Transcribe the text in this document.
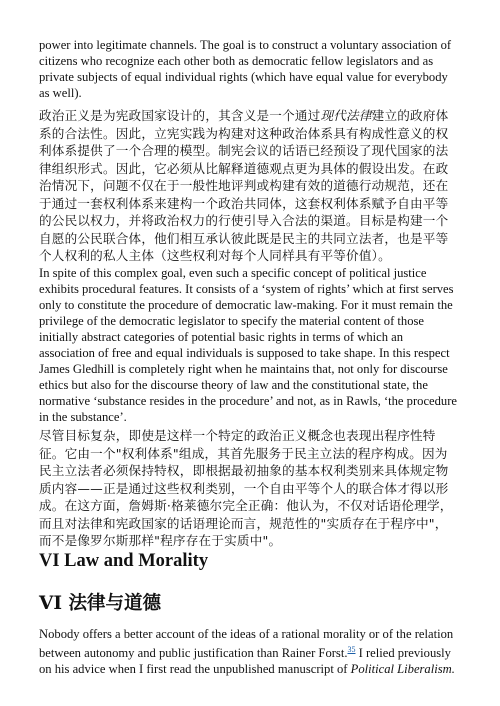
power into legitimate channels. The goal is to construct a voluntary association of citizens who recognize each other both as democratic fellow legislators and as private subjects of equal individual rights (which have equal value for everybody as well).

政治正义是为宪政国家设计的，其含义是一个通过现代法律建立的政府体系的合法性。因此，立宪实践为构建对这种政治体系具有构成性意义的权利体系提供了一个合理的模型。制宪会议的话语已经预设了现代国家的法律组织形式。因此，它必须从比解释道德观点更为具体的假设出发。在政治情况下，问题不仅在于一般性地评判或构建有效的道德行动规范，还在于通过一套权利体系来建构一个政治共同体，这套权利体系赋予自由平等的公民以权力，并将政治权力的行使引导入合法的渠道。目标是构建一个自愿的公民联合体，他们相互承认彼此既是民主的共同立法者，也是平等个人权利的私人主体（这些权利对每个人同样具有平等价值）。

In spite of this complex goal, even such a specific concept of political justice exhibits procedural features. It consists of a ‘system of rights’ which at first serves only to constitute the procedure of democratic law-making. For it must remain the privilege of the democratic legislator to specify the material content of those initially abstract categories of potential basic rights in terms of which an association of free and equal individuals is supposed to take shape. In this respect James Gledhill is completely right when he maintains that, not only for discourse ethics but also for the discourse theory of law and the constitutional state, the normative ‘substance resides in the procedure’ and not, as in Rawls, ‘the procedure in the substance’.

尽管目标复杂，即使是这样一个特定的政治正义概念也表现出程序性特征。它由一个"权利体系"组成，其首先服务于民主立法的程序构成。因为民主立法者必须保持特权，即根据最初抽象的基本权利类别来具体规定物质内容——正是通过这些权利类别，一个自由平等个人的联合体才得以形成。在这方面，詹姆斯·格莱德尔完全正确：他认为，不仅对话语伦理学，而且对法律和宪政国家的话语理论而言，规范性的"实质存在于程序中"，而不是像罗尔斯那样"程序存在于实质中"。

VI Law and Morality
VI 法律与道德

Nobody offers a better account of the ideas of a rational morality or of the relation between autonomy and public justification than Rainer Forst.$^{35}$ I relied previously on his advice when I first read the unpublished manuscript of Political Liberalism.
